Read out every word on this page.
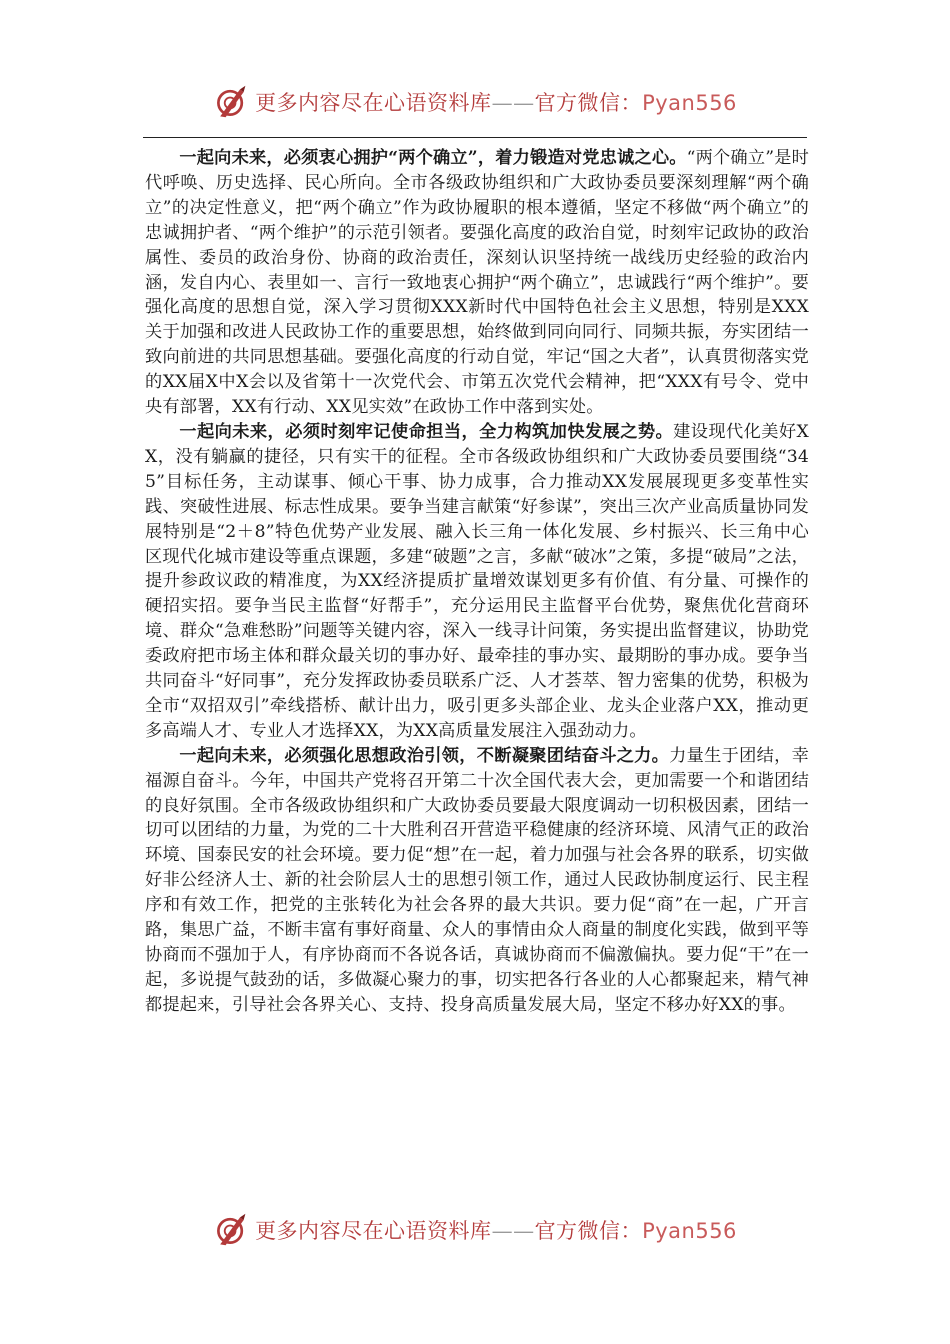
更多内容尽在心语资料库——官方微信：Pyan556

一起向未来，必须衷心拥护“两个确立”，着力锻造对党忠诚之心。“两个确立”是时代呼唤、历史选择、民心所向。全市各级政协组织和广大政协委员要深刻理解“两个确立”的决定性意义，把“两个确立”作为政协履职的根本遵循，坚定不移做“两个确立”的忠诚拥护者、“两个维护”的示范引领者。要强化高度的政治自觉，时刻牢记政协的政治属性、委员的政治身份、协商的政治责任，深刻认识坚持统一战线历史经验的政治内涵，发自内心、表里如一、言行一致地衷心拥护“两个确立”，忠诚践行“两个维护”。要强化高度的思想自觉，深入学习贯彻XXX新时代中国特色社会主义思想，特别是XXX关于加强和改进人民政协工作的重要思想，始终做到同向同行、同频共振，夯实团结一致向前进的共同思想基础。要强化高度的行动自觉，牢记“国之大者”，认真贯彻落实党的XX届X中X会以及省第十一次党代会、市第五次党代会精神，把“XXX有号令、党中央有部署，XX有行动、XX见实效”在政协工作中落到实处。

一起向未来，必须时刻牢记使命担当，全力构筑加快发展之势。建设现代化美好XX，没有躺赢的捷径，只有实干的征程。全市各级政协组织和广大政协委员要围绕“345”目标任务，主动谋事、倾心干事、协力成事，合力推动XX发展展现更多变革性实践、突破性进展、标志性成果。要争当建言献策“好参谋”，突出三次产业高质量协同发展特别是“2＋8”特色优势产业发展、融入长三角一体化发展、乡村振兴、长三角中心区现代化城市建设等重点课题，多建“破题”之言，多献“破冰”之策，多提“破局”之法，提升参政议政的精准度，为XX经济提质扩量增效谋划更多有价值、有分量、可操作的硬招实招。要争当民主监督“好帮手”，充分运用民主监督平台优势，聚焦优化营商环境、群众“急难愁盼”问题等关键内容，深入一线寻计问策，务实提出监督建议，协助党委政府把市场主体和群众最关切的事办好、最牵挂的事办实、最期盼的事办成。要争当共同奋斗“好同事”，充分发挥政协委员联系广泛、人才荟萃、智力密集的优势，积极为全市“双招双引”牵线搭桥、献计出力，吸引更多头部企业、龙头企业落户XX，推动更多高端人才、专业人才选择XX，为XX高质量发展注入强劲动力。

一起向未来，必须强化思想政治引领，不断凝聚团结奋斗之力。力量生于团结，幸福源自奋斗。今年，中国共产党将召开第二十次全国代表大会，更加需要一个和谐团结的良好氛围。全市各级政协组织和广大政协委员要最大限度调动一切积极因素，团结一切可以团结的力量，为党的二十大胜利召开营造平稳健康的经济环境、风清气正的政治环境、国泰民安的社会环境。要力促“想”在一起，着力加强与社会各界的联系，切实做好非公经济人士、新的社会阶层人士的思想引领工作，通过人民政协制度运行、民主程序和有效工作，把党的主张转化为社会各界的最大共识。要力促“商”在一起，广开言路，集思广益，不断丰富有事好商量、众人的事情由众人商量的制度化实践，做到平等协商而不强加于人，有序协商而不各说各话，真诚协商而不偏激偏执。要力促“干”在一起，多说提气鼓劲的话，多做凝心聚力的事，切实把各行各业的人心都聚起来，精气神都提起来，引导社会各界关心、支持、投身高质量发展大局，坚定不移办好XX的事。

更多内容尽在心语资料库——官方微信：Pyan556
